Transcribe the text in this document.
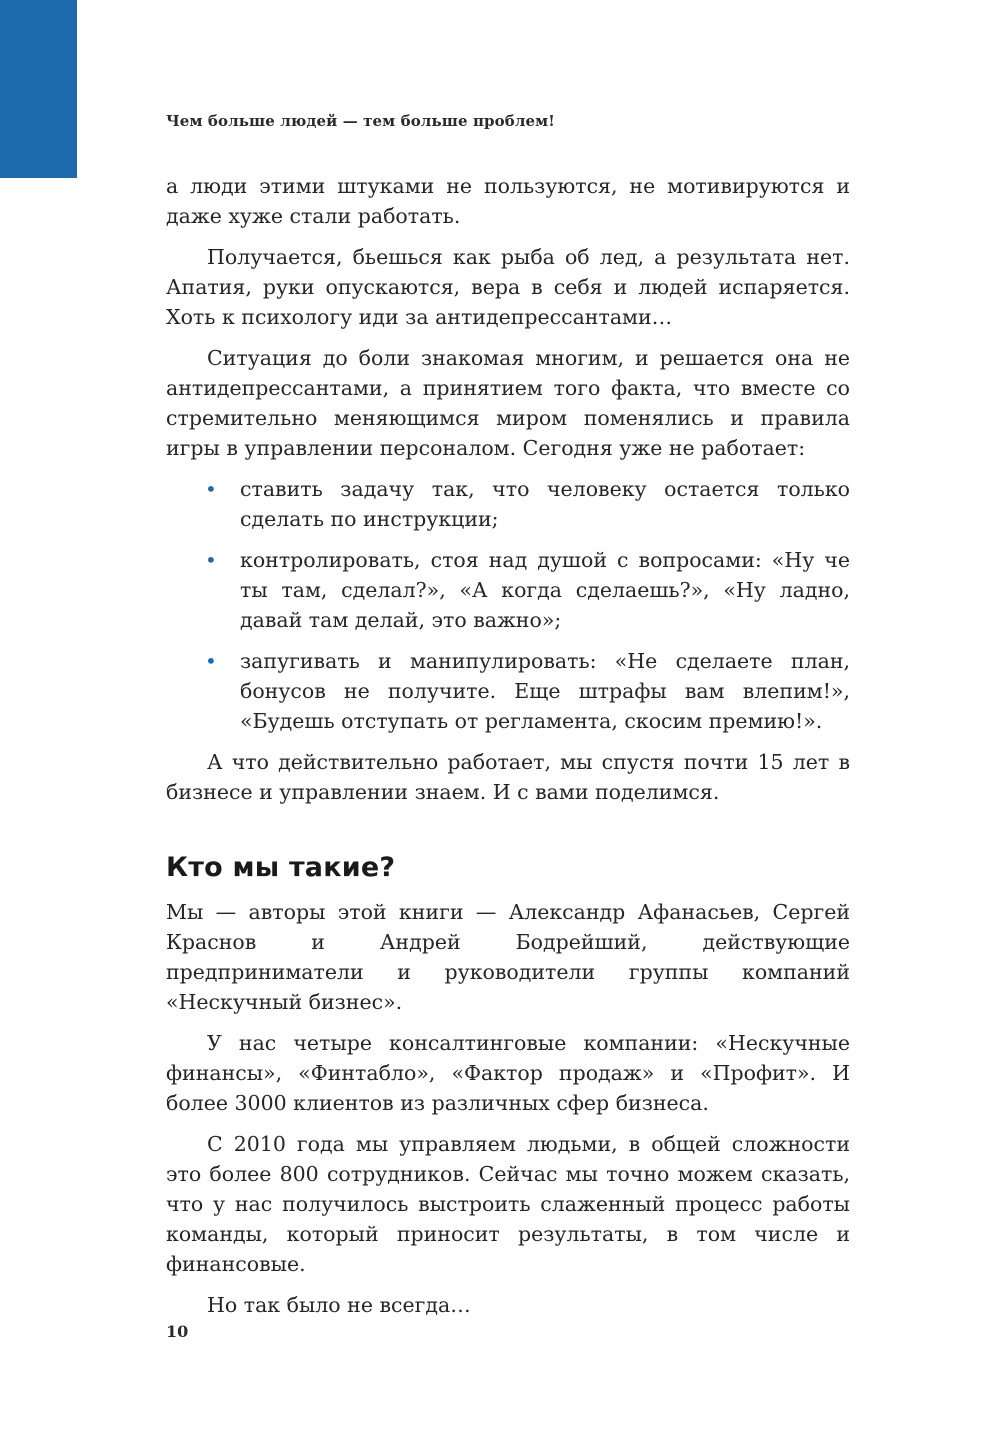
Чем больше людей — тем больше проблем!

а люди этими штуками не пользуются, не мотивируются и даже хуже стали работать.

Получается, бьешься как рыба об лед, а результата нет. Апатия, руки опускаются, вера в себя и людей испаряется. Хоть к психологу иди за антидепрессантами…

Ситуация до боли знакомая многим, и решается она не антидепрессантами, а принятием того факта, что вместе со стремительно меняющимся миром поменялись и правила игры в управлении персоналом. Сегодня уже не работает:

• ставить задачу так, что человеку остается только сделать по инструкции;
• контролировать, стоя над душой с вопросами: «Ну че ты там, сделал?», «А когда сделаешь?», «Ну ладно, давай там делай, это важно»;
• запугивать и манипулировать: «Не сделаете план, бонусов не получите. Еще штрафы вам влепим!», «Будешь отступать от регламента, скосим премию!».

А что действительно работает, мы спустя почти 15 лет в бизнесе и управлении знаем. И с вами поделимся.

Кто мы такие?

Мы — авторы этой книги — Александр Афанасьев, Сергей Краснов и Андрей Бодрейший, действующие предприниматели и руководители группы компаний «Нескучный бизнес».

У нас четыре консалтинговые компании: «Нескучные финансы», «Финтабло», «Фактор продаж» и «Профит». И более 3000 клиентов из различных сфер бизнеса.

С 2010 года мы управляем людьми, в общей сложности это более 800 сотрудников. Сейчас мы точно можем сказать, что у нас получилось выстроить слаженный процесс работы команды, который приносит результаты, в том числе и финансовые.

Но так было не всегда…

10
